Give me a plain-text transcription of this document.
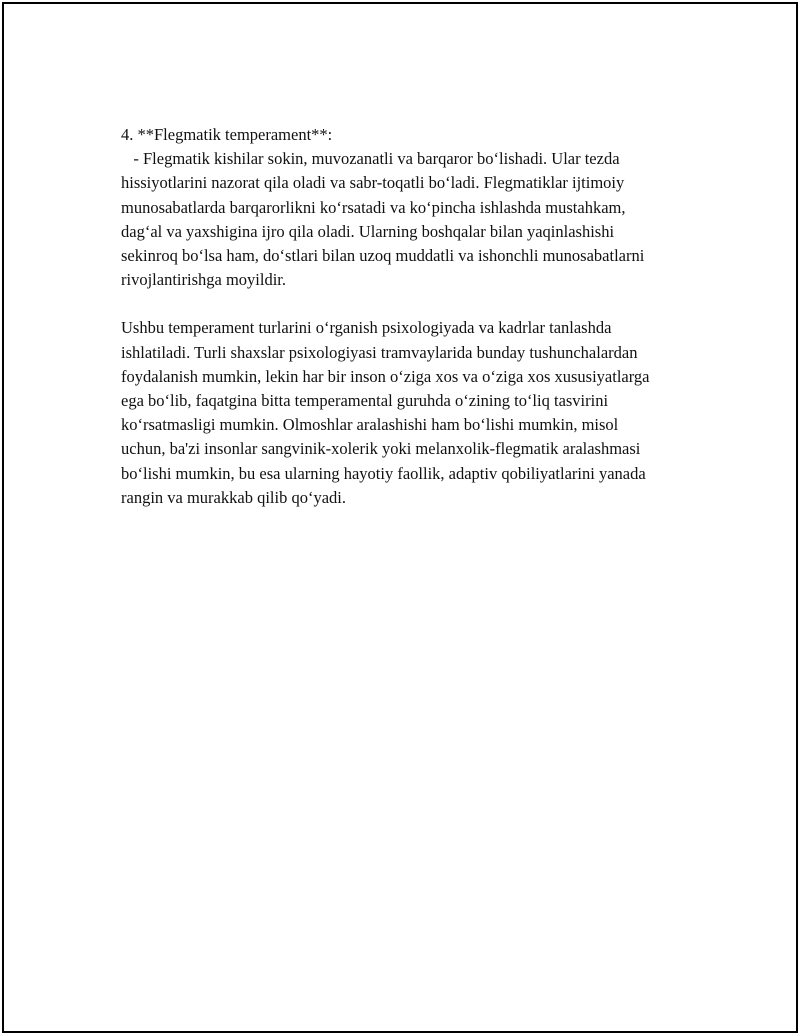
4. **Flegmatik temperament**:

- Flegmatik kishilar sokin, muvozanatli va barqaror bo‘lishadi. Ular tezda hissiyotlarini nazorat qila oladi va sabr-toqatli bo‘ladi. Flegmatiklar ijtimoiy munosabatlarda barqarorlikni ko‘rsatadi va ko‘pincha ishlashda mustahkam, dag‘al va yaxshigina ijro qila oladi. Ularning boshqalar bilan yaqinlashishi sekinroq bo‘lsa ham, do‘stlari bilan uzoq muddatli va ishonchli munosabatlarni rivojlantirishga moyildir.

Ushbu temperament turlarini o‘rganish psixologiyada va kadrlar tanlashda ishlatiladi. Turli shaxslar psixologiyasi tramvaylarida bunday tushunchalardan foydalanish mumkin, lekin har bir inson o‘ziga xos va o‘ziga xos xususiyatlarga ega bo‘lib, faqatgina bitta temperamental guruhda o‘zining to‘liq tasvirini ko‘rsatmasligi mumkin. Olmoshlar aralashishi ham bo‘lishi mumkin, misol uchun, ba'zi insonlar sangvinik-xolerik yoki melanxolik-flegmatik aralashmasi bo‘lishi mumkin, bu esa ularning hayotiy faollik, adaptiv qobiliyatlarini yanada rangin va murakkab qilib qo‘yadi.
